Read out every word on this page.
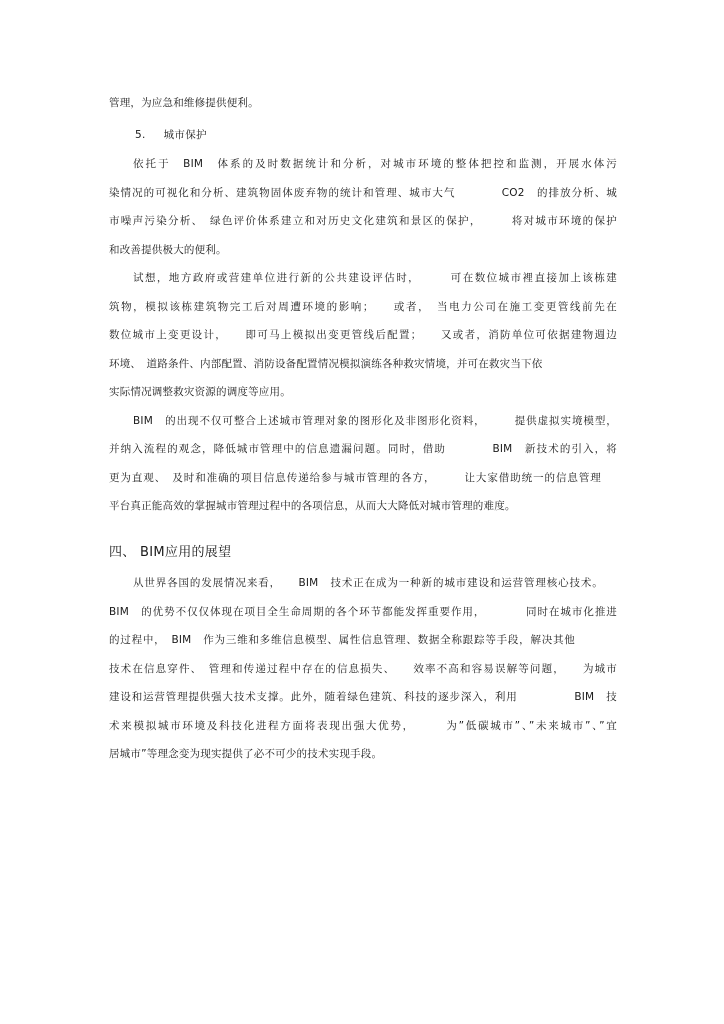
管理，为应急和维修提供便利。
5. 城市保护
依托于　BIM　体系的及时数据统计和分析，对城市环境的整体把控和监测，开展水体污
染情况的可视化和分析、建筑物固体废弃物的统计和管理、城市大气　　　　CO2　的排放分析、城
市噪声污染分析、　绿色评价体系建立和对历史文化建筑和景区的保护，　　　将对城市环境的保护
和改善提供极大的便利。
试想，地方政府或营建单位进行新的公共建设评估时，　　　可在数位城市裡直接加上该栋建
筑物，模拟该栋建筑物完工后对周遭环境的影响；　　或者，　当电力公司在施工变更管线前先在
数位城市上变更设计，　　即可马上模拟出变更管线后配置；　　又或者，消防单位可依据建物週边
环境、　道路条件、内部配置、消防设备配置情况模拟演练各种救灾情境，并可在救灾当下依
实际情况调整救灾资源的调度等应用。
BIM　的出现不仅可整合上述城市管理对象的图形化及非图形化资料，　　　提供虚拟实境模型，
并纳入流程的观念，降低城市管理中的信息遗漏问题。同时，借助　　　　BIM　新技术的引入，将
更为直观、　及时和准确的项目信息传递给参与城市管理的各方，　　　让大家借助统一的信息管理
平台真正能高效的掌握城市管理过程中的各项信息，从而大大降低对城市管理的难度。
四、 BIM应用的展望
从世界各国的发展情况来看，　　BIM　技术正在成为一种新的城市建设和运营管理核心技术。
BIM　的优势不仅仅体现在项目全生命周期的各个环节都能发挥重要作用，　　　　同时在城市化推进
的过程中，　BIM　作为三维和多维信息模型、属性信息管理、数据全称跟踪等手段，解决其他
技术在信息穿件、　管理和传递过程中存在的信息损失、　　效率不高和容易误解等问题，　　为城市
建设和运营管理提供强大技术支撑。此外，随着绿色建筑、科技的逐步深入，利用　　　　　BIM　技
术来模拟城市环境及科技化进程方面将表现出强大优势，　　　为”低碳城市”、”未来城市”、”宜
居城市”等理念变为现实提供了必不可少的技术实现手段。
